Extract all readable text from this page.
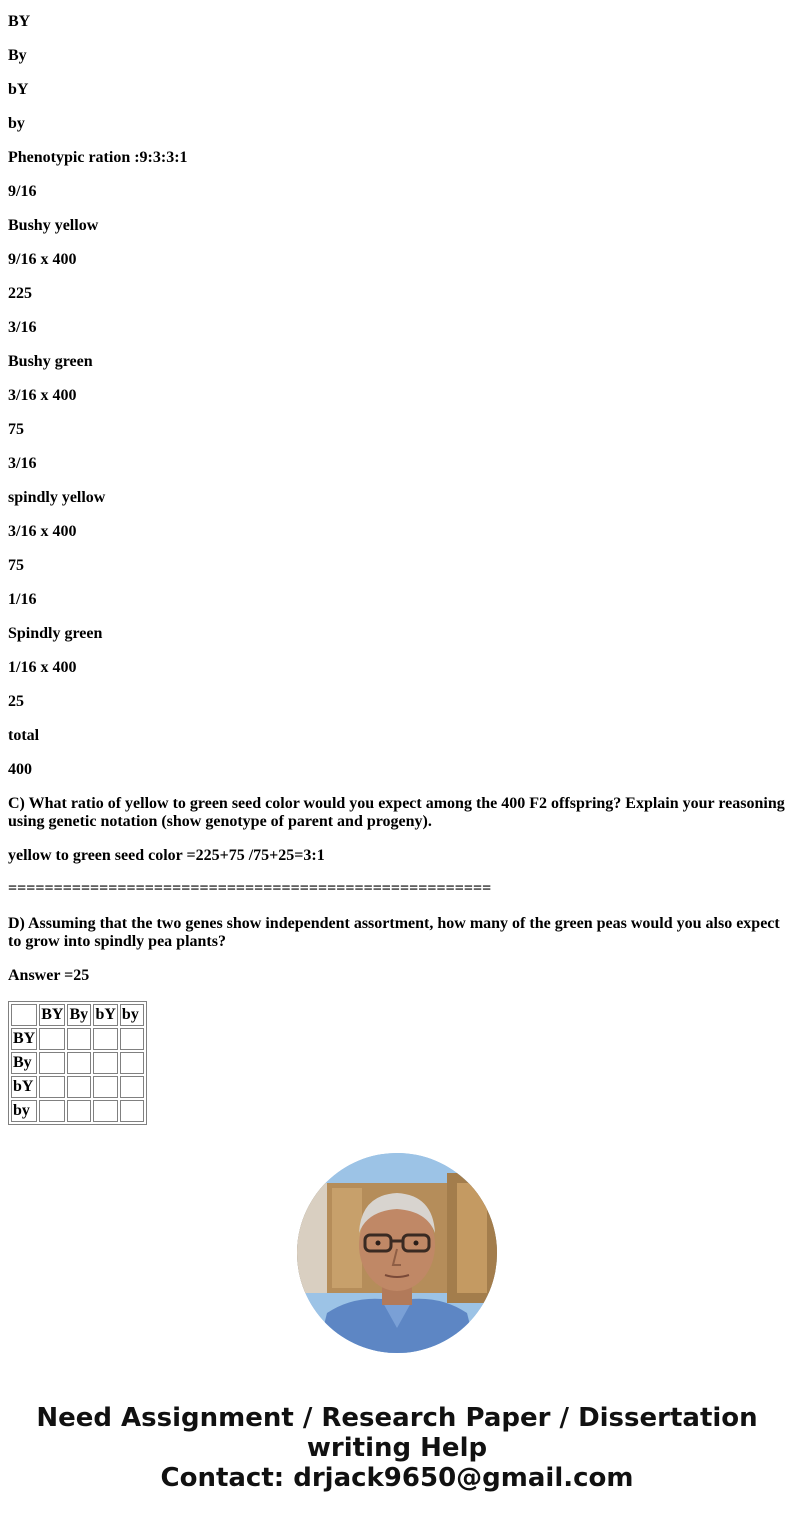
BY
By
bY
by
Phenotypic ration :9:3:3:1
9/16
Bushy yellow
9/16 x 400
225
3/16
Bushy green
3/16 x 400
75
3/16
spindly yellow
3/16 x 400
75
1/16
Spindly green
1/16 x 400
25
total
400
C) What ratio of yellow to green seed color would you expect among the 400 F2 offspring? Explain your reasoning using genetic notation (show genotype of parent and progeny).
yellow to green seed color =225+75 /75+25=3:1
=====================================================
D) Assuming that the two genes show independent assortment, how many of the green peas would you also expect to grow into spindly pea plants?
Answer =25
	BY	By	bY	by
BY				
By				
bY				
by				
Need Assignment / Research Paper / Dissertation
writing Help
Contact: drjack9650@gmail.com
